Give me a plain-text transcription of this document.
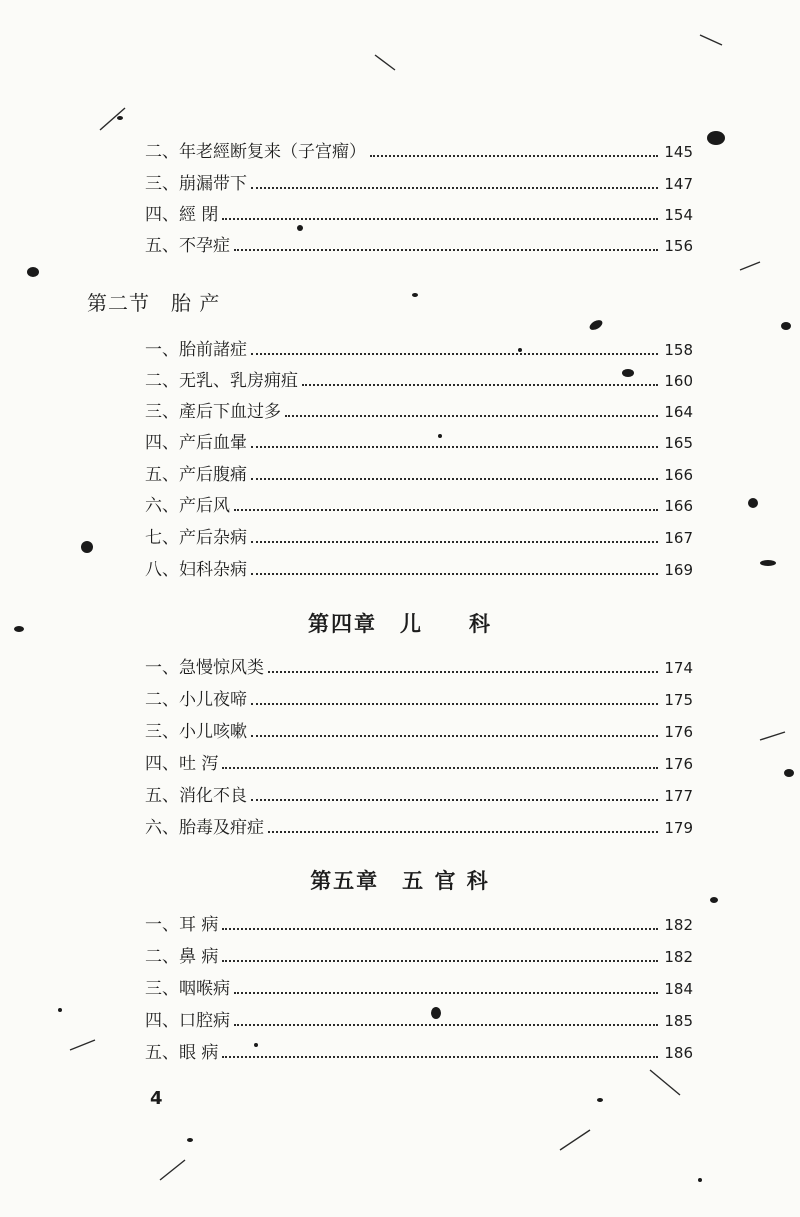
二、 年老經断复来（子宫瘤）	145
三、 崩漏带下	147
四、 經 閉	154
五、 不孕症	156
第二节　胎 产
一、 胎前諸症	158
二、 无乳、乳房痈疽	160
三、 產后下血过多	164
四、 产后血暈	165
五、 产后腹痛	166
六、 产后风	166
七、 产后杂病	167
八、 妇科杂病	169
第四章　儿　　科
一、 急慢惊风类	174
二、 小儿夜啼	175
三、 小儿咳嗽	176
四、 吐 泻	176
五、 消化不良	177
六、 胎毒及疳症	179
第五章　五 官 科
一、 耳 病	182
二、 鼻 病	182
三、 咽喉病	184
四、 口腔病	185
五、 眼 病	186
4
